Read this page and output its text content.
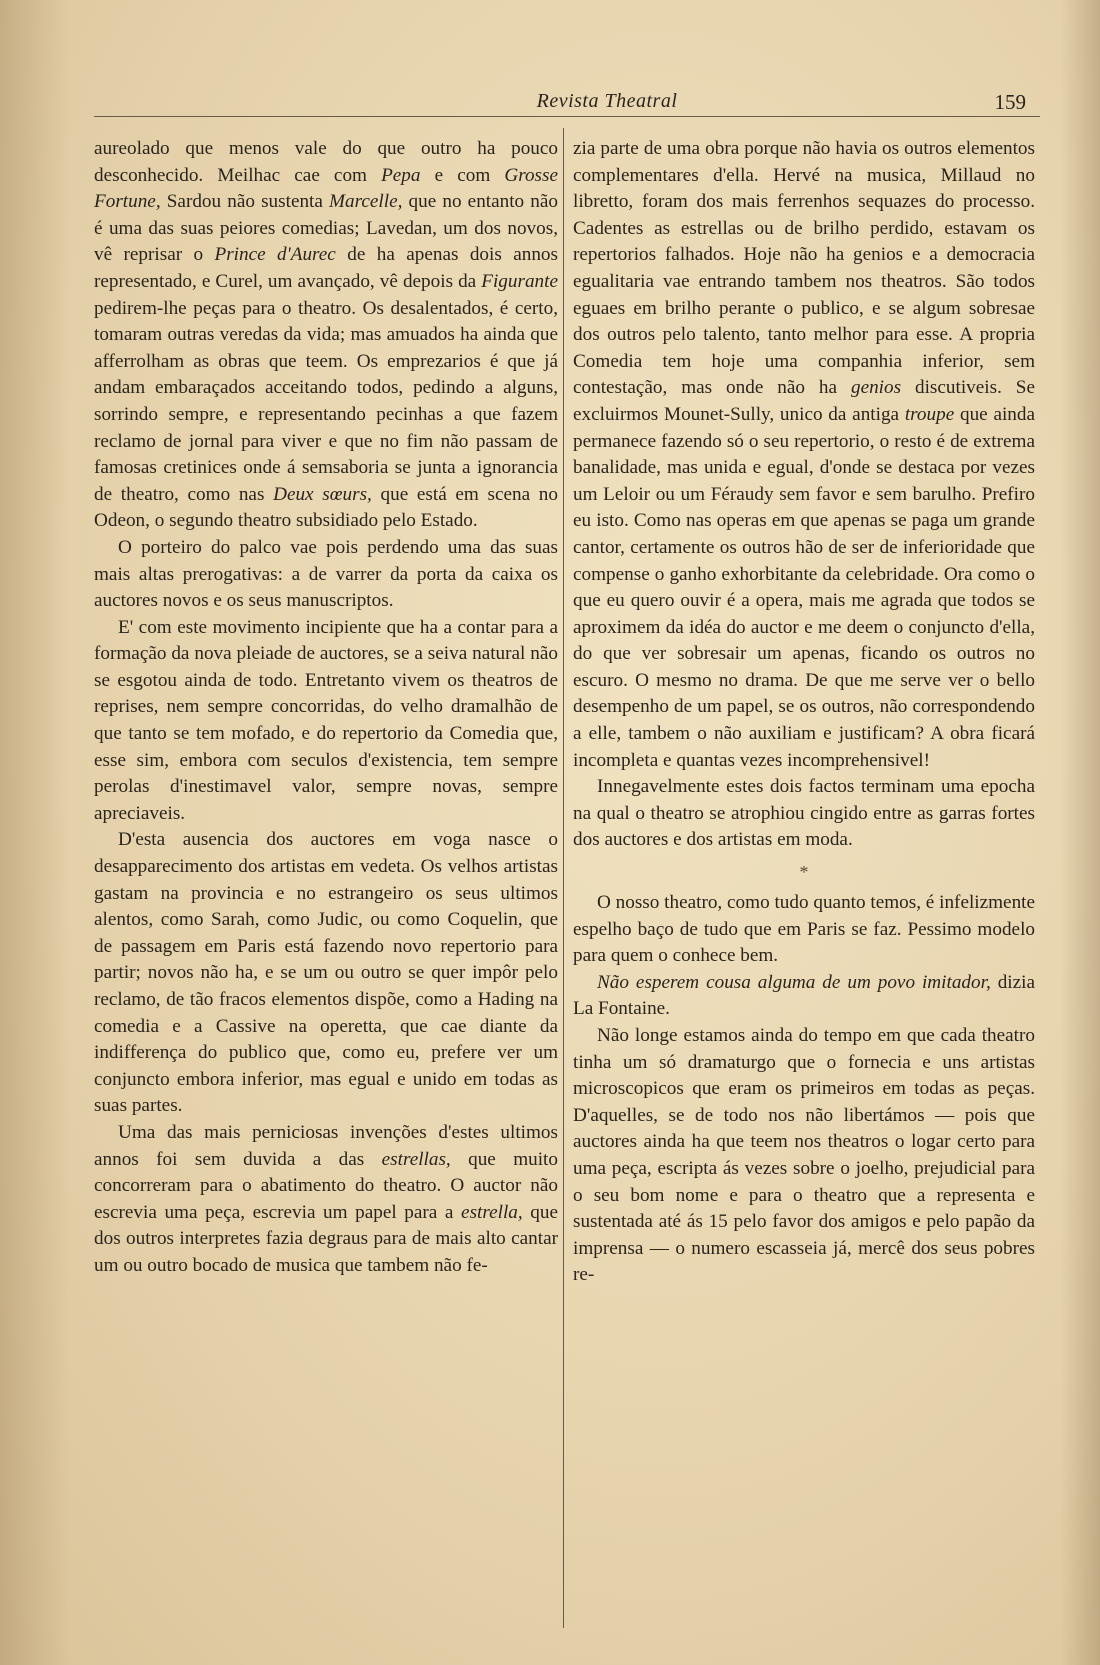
Revista Theatral	159

aureolado que menos vale do que outro ha pouco desconhecido. Meilhac cae com Pepa e com Grosse Fortune, Sardou não sustenta Marcelle, que no entanto não é uma das suas peiores comedias; Lavedan, um dos novos, vê reprisar o Prince d'Aurec de ha apenas dois annos representado, e Curel, um avançado, vê depois da Figurante pedirem-lhe peças para o theatro. Os desalentados, é certo, tomaram outras veredas da vida; mas amuados ha ainda que afferrolham as obras que teem. Os emprezarios é que já andam embaraçados acceitando todos, pedindo a alguns, sorrindo sempre, e representando pecinhas a que fazem reclamo de jornal para viver e que no fim não passam de famosas cretinices onde á semsaboria se junta a ignorancia de theatro, como nas Deux sœurs, que está em scena no Odeon, o segundo theatro subsidiado pelo Estado.

O porteiro do palco vae pois perdendo uma das suas mais altas prerogativas: a de varrer da porta da caixa os auctores novos e os seus manuscriptos.

E' com este movimento incipiente que ha a contar para a formação da nova pleiade de auctores, se a seiva natural não se esgotou ainda de todo. Entretanto vivem os theatros de reprises, nem sempre concorridas, do velho dramalhão de que tanto se tem mofado, e do repertorio da Comedia que, esse sim, embora com seculos d'existencia, tem sempre perolas d'inestimavel valor, sempre novas, sempre apreciaveis.

D'esta ausencia dos auctores em voga nasce o desapparecimento dos artistas em vedeta. Os velhos artistas gastam na provincia e no estrangeiro os seus ultimos alentos, como Sarah, como Judic, ou como Coquelin, que de passagem em Paris está fazendo novo repertorio para partir; novos não ha, e se um ou outro se quer impôr pelo reclamo, de tão fracos elementos dispõe, como a Hading na comedia e a Cassive na operetta, que cae diante da indifferença do publico que, como eu, prefere ver um conjuncto embora inferior, mas egual e unido em todas as suas partes.

Uma das mais perniciosas invenções d'estes ultimos annos foi sem duvida a das estrellas, que muito concorreram para o abatimento do theatro. O auctor não escrevia uma peça, escrevia um papel para a estrella, que dos outros interpretes fazia degraus para de mais alto cantar um ou outro bocado de musica que tambem não fe-

zia parte de uma obra porque não havia os outros elementos complementares d'ella. Hervé na musica, Millaud no libretto, foram dos mais ferrenhos sequazes do processo. Cadentes as estrellas ou de brilho perdido, estavam os repertorios falhados. Hoje não ha genios e a democracia egualitaria vae entrando tambem nos theatros. São todos eguaes em brilho perante o publico, e se algum sobresae dos outros pelo talento, tanto melhor para esse. A propria Comedia tem hoje uma companhia inferior, sem contestação, mas onde não ha genios discutiveis. Se excluirmos Mounet-Sully, unico da antiga troupe que ainda permanece fazendo só o seu repertorio, o resto é de extrema banalidade, mas unida e egual, d'onde se destaca por vezes um Leloir ou um Féraudy sem favor e sem barulho. Prefiro eu isto. Como nas operas em que apenas se paga um grande cantor, certamente os outros hão de ser de inferioridade que compense o ganho exhorbitante da celebridade. Ora como o que eu quero ouvir é a opera, mais me agrada que todos se aproximem da idéa do auctor e me deem o conjuncto d'ella, do que ver sobresair um apenas, ficando os outros no escuro. O mesmo no drama. De que me serve ver o bello desempenho de um papel, se os outros, não correspondendo a elle, tambem o não auxiliam e justificam? A obra ficará incompleta e quantas vezes incomprehensivel!

Innegavelmente estes dois factos terminam uma epocha na qual o theatro se atrophiou cingido entre as garras fortes dos auctores e dos artistas em moda.

*

O nosso theatro, como tudo quanto temos, é infelizmente espelho baço de tudo que em Paris se faz. Pessimo modelo para quem o conhece bem.

Não esperem cousa alguma de um povo imitador, dizia La Fontaine.

Não longe estamos ainda do tempo em que cada theatro tinha um só dramaturgo que o fornecia e uns artistas microscopicos que eram os primeiros em todas as peças. D'aquelles, se de todo nos não libertámos — pois que auctores ainda ha que teem nos theatros o logar certo para uma peça, escripta ás vezes sobre o joelho, prejudicial para o seu bom nome e para o theatro que a representa e sustentada até ás 15 pelo favor dos amigos e pelo papão da imprensa — o numero escasseia já, mercê dos seus pobres re-
